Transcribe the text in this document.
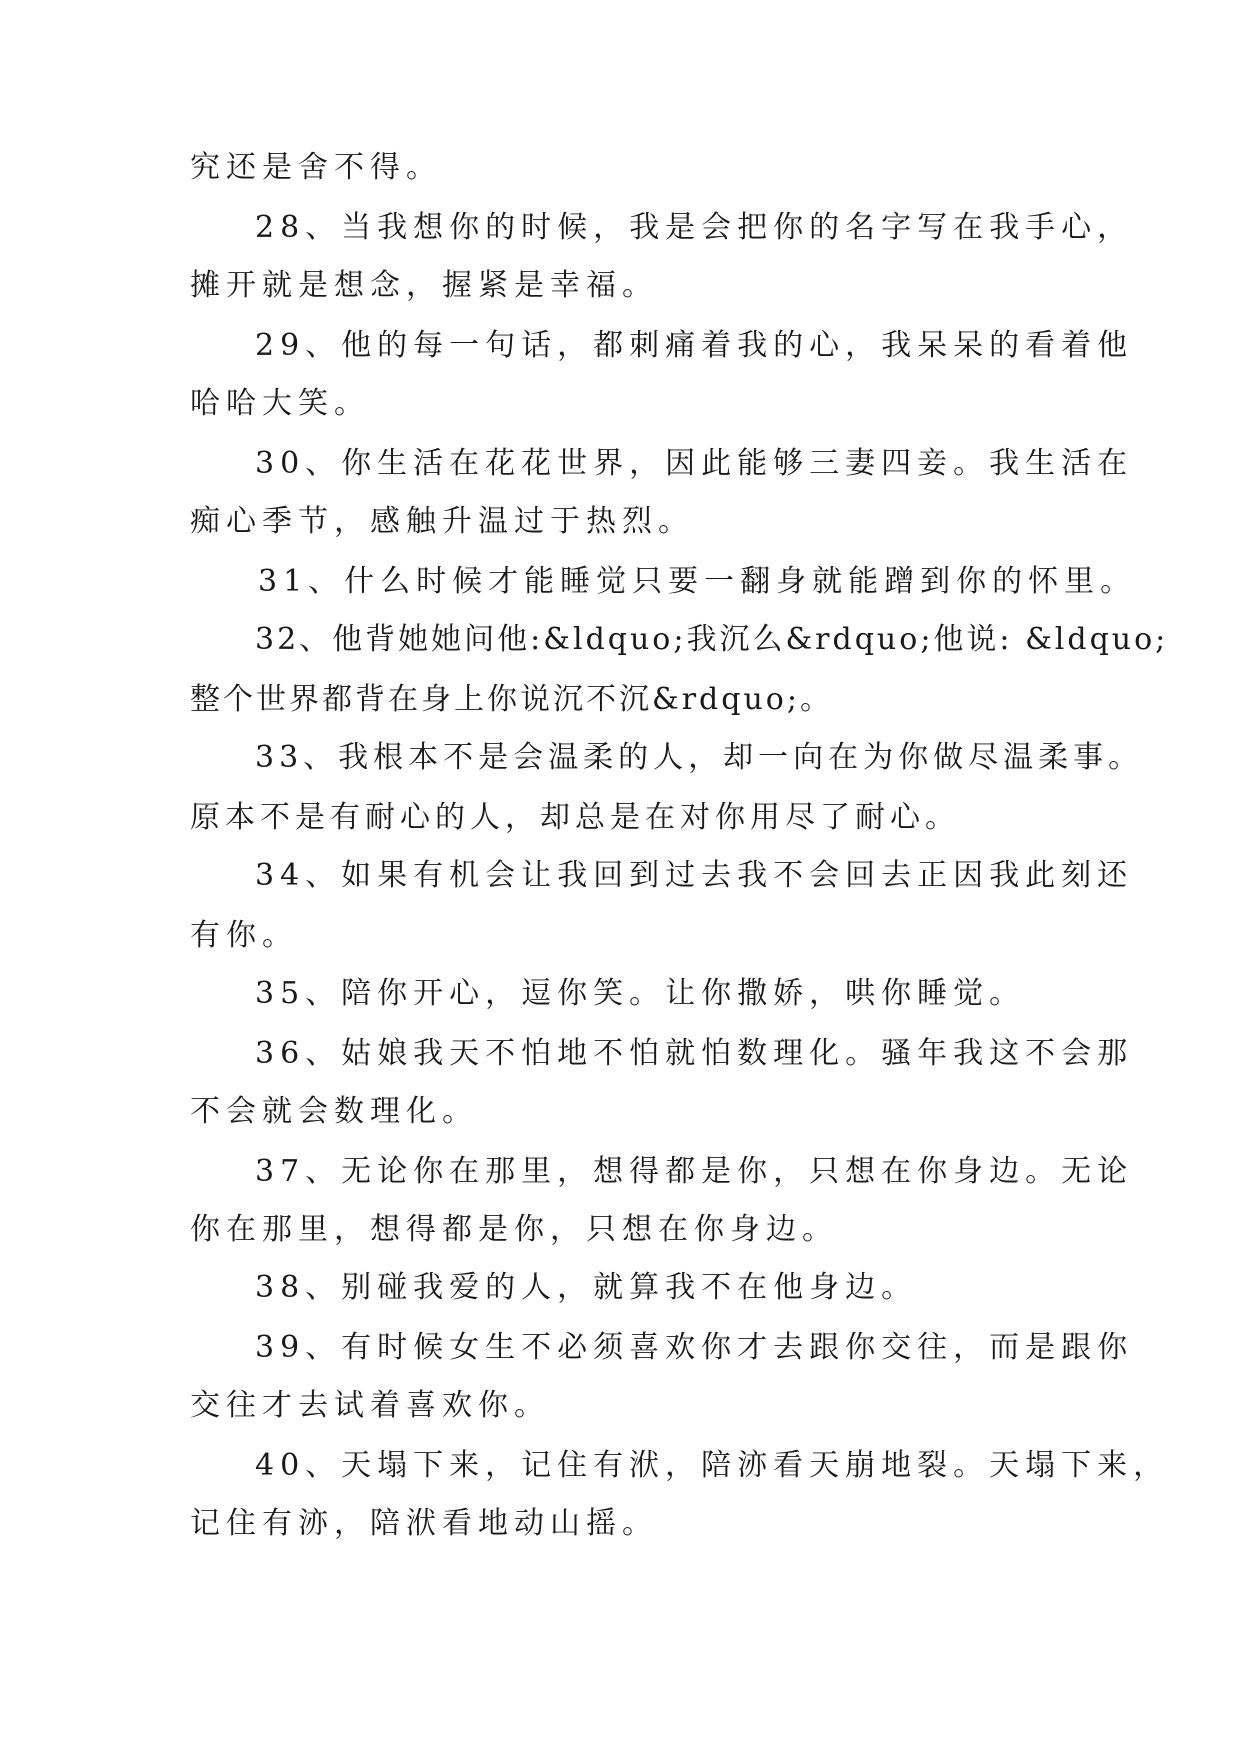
究还是舍不得。
28、当我想你的时候，我是会把你的名字写在我手心，
摊开就是想念，握紧是幸福。
29、他的每一句话，都刺痛着我的心，我呆呆的看着他
哈哈大笑。
30、你生活在花花世界，因此能够三妻四妾。我生活在
痴心季节，感触升温过于热烈。
31、什么时候才能睡觉只要一翻身就能蹭到你的怀里。
32、他背她她问他:&ldquo;我沉么&rdquo;他说: &ldquo;
整个世界都背在身上你说沉不沉&rdquo;。
33、我根本不是会温柔的人，却一向在为你做尽温柔事。
原本不是有耐心的人，却总是在对你用尽了耐心。
34、如果有机会让我回到过去我不会回去正因我此刻还
有你。
35、陪你开心，逗你笑。让你撒娇，哄你睡觉。
36、姑娘我天不怕地不怕就怕数理化。骚年我这不会那
不会就会数理化。
37、无论你在那里，想得都是你，只想在你身边。无论
你在那里，想得都是你，只想在你身边。
38、别碰我爱的人，就算我不在他身边。
39、有时候女生不必须喜欢你才去跟你交往，而是跟你
交往才去试着喜欢你。
40、天塌下来，记住有洑，陪洂看天崩地裂。天塌下来，
记住有洂，陪洑看地动山摇。
